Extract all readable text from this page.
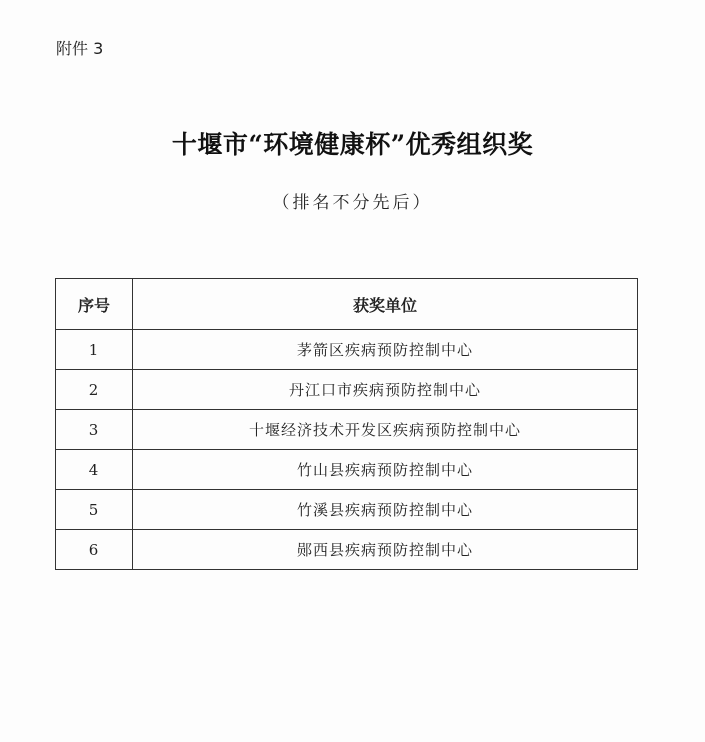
附件 3
十堰市“环境健康杯”优秀组织奖
（排名不分先后）
序号	获奖单位
1	茅箭区疾病预防控制中心
2	丹江口市疾病预防控制中心
3	十堰经济技术开发区疾病预防控制中心
4	竹山县疾病预防控制中心
5	竹溪县疾病预防控制中心
6	郧西县疾病预防控制中心
